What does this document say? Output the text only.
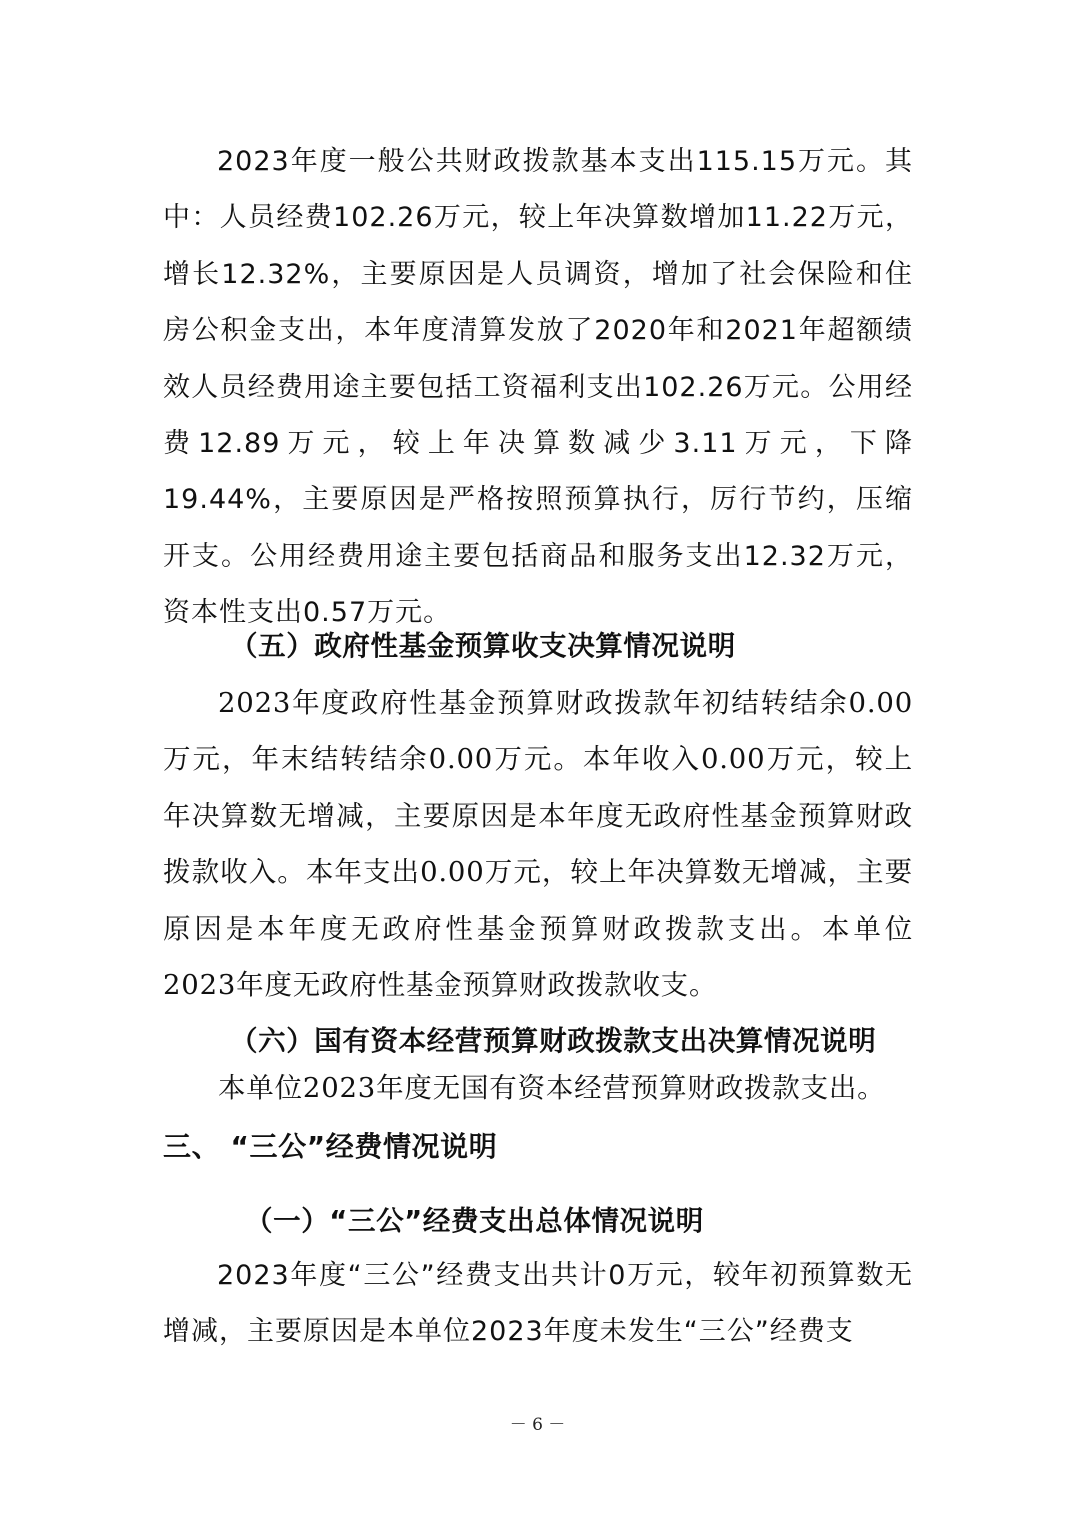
2023年度一般公共财政拨款基本支出115.15万元。其中：人员经费102.26万元，较上年决算数增加11.22万元，增长12.32%，主要原因是人员调资，增加了社会保险和住房公积金支出，本年度清算发放了2020年和2021年超额绩效人员经费用途主要包括工资福利支出102.26万元。公用经费12.89万元，较上年决算数减少3.11万元，下降19.44%，主要原因是严格按照预算执行，厉行节约，压缩开支。公用经费用途主要包括商品和服务支出12.32万元，资本性支出0.57万元。

（五）政府性基金预算收支决算情况说明

2023年度政府性基金预算财政拨款年初结转结余0.00万元，年末结转结余0.00万元。本年收入0.00万元，较上年决算数无增减，主要原因是本年度无政府性基金预算财政拨款收入。本年支出0.00万元，较上年决算数无增减，主要原因是本年度无政府性基金预算财政拨款支出。本单位2023年度无政府性基金预算财政拨款收支。

（六）国有资本经营预算财政拨款支出决算情况说明

本单位2023年度无国有资本经营预算财政拨款支出。

三、 “三公”经费情况说明
（一）“三公”经费支出总体情况说明

2023年度“三公”经费支出共计0万元，较年初预算数无增减，主要原因是本单位2023年度未发生“三公”经费支

－ 6 －
